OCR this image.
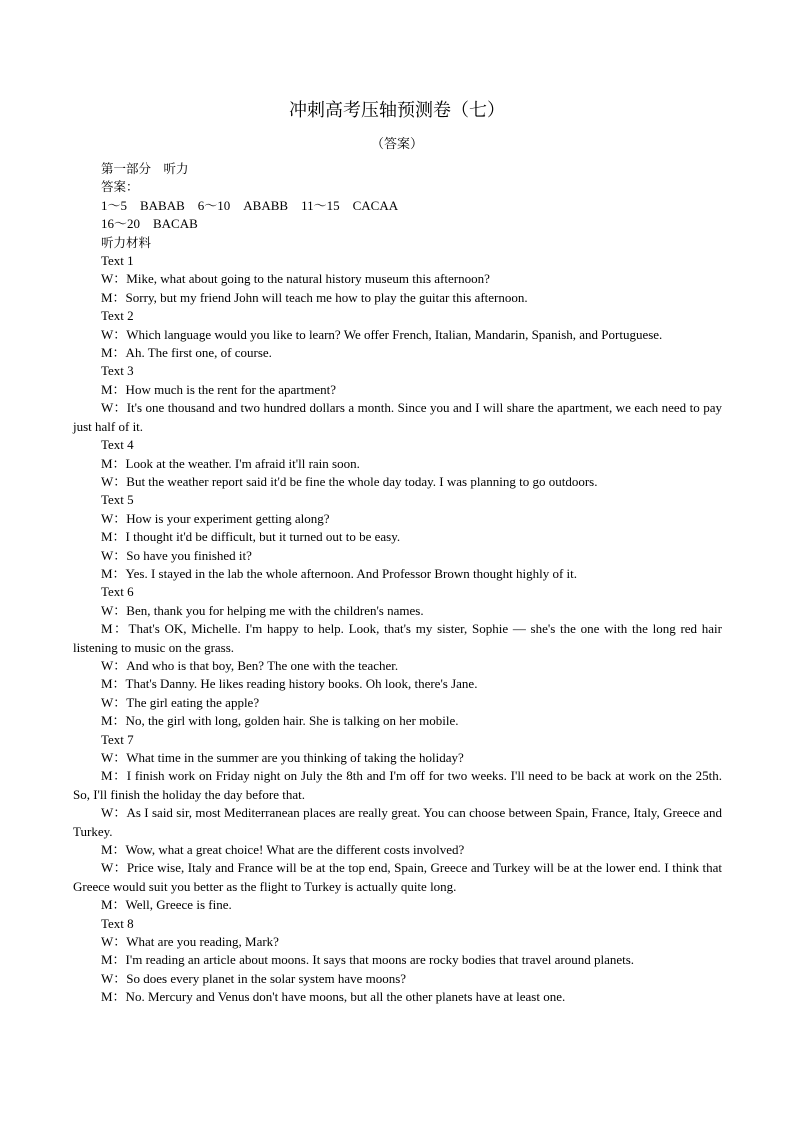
冲刺高考压轴预测卷（七）
（答案）
第一部分　听力
答案：
1～5　BABAB　6～10　ABABB　11～15　CACAA
16～20　BACAB
听力材料
Text 1
W：Mike, what about going to the natural history museum this afternoon?
M：Sorry, but my friend John will teach me how to play the guitar this afternoon.
Text 2
W：Which language would you like to learn? We offer French, Italian, Mandarin, Spanish, and Portuguese.
M：Ah. The first one, of course.
Text 3
M：How much is the rent for the apartment?
W：It's one thousand and two hundred dollars a month. Since you and I will share the apartment, we each need to pay just half of it.
Text 4
M：Look at the weather. I'm afraid it'll rain soon.
W：But the weather report said it'd be fine the whole day today. I was planning to go outdoors.
Text 5
W：How is your experiment getting along?
M：I thought it'd be difficult, but it turned out to be easy.
W：So have you finished it?
M：Yes. I stayed in the lab the whole afternoon. And Professor Brown thought highly of it.
Text 6
W：Ben, thank you for helping me with the children's names.
M：That's OK, Michelle. I'm happy to help. Look, that's my sister, Sophie — she's the one with the long red hair listening to music on the grass.
W：And who is that boy, Ben? The one with the teacher.
M：That's Danny. He likes reading history books. Oh look, there's Jane.
W：The girl eating the apple?
M：No, the girl with long, golden hair. She is talking on her mobile.
Text 7
W：What time in the summer are you thinking of taking the holiday?
M：I finish work on Friday night on July the 8th and I'm off for two weeks. I'll need to be back at work on the 25th. So, I'll finish the holiday the day before that.
W：As I said sir, most Mediterranean places are really great. You can choose between Spain, France, Italy, Greece and Turkey.
M：Wow, what a great choice! What are the different costs involved?
W：Price wise, Italy and France will be at the top end, Spain, Greece and Turkey will be at the lower end. I think that Greece would suit you better as the flight to Turkey is actually quite long.
M：Well, Greece is fine.
Text 8
W：What are you reading, Mark?
M：I'm reading an article about moons. It says that moons are rocky bodies that travel around planets.
W：So does every planet in the solar system have moons?
M：No. Mercury and Venus don't have moons, but all the other planets have at least one.
